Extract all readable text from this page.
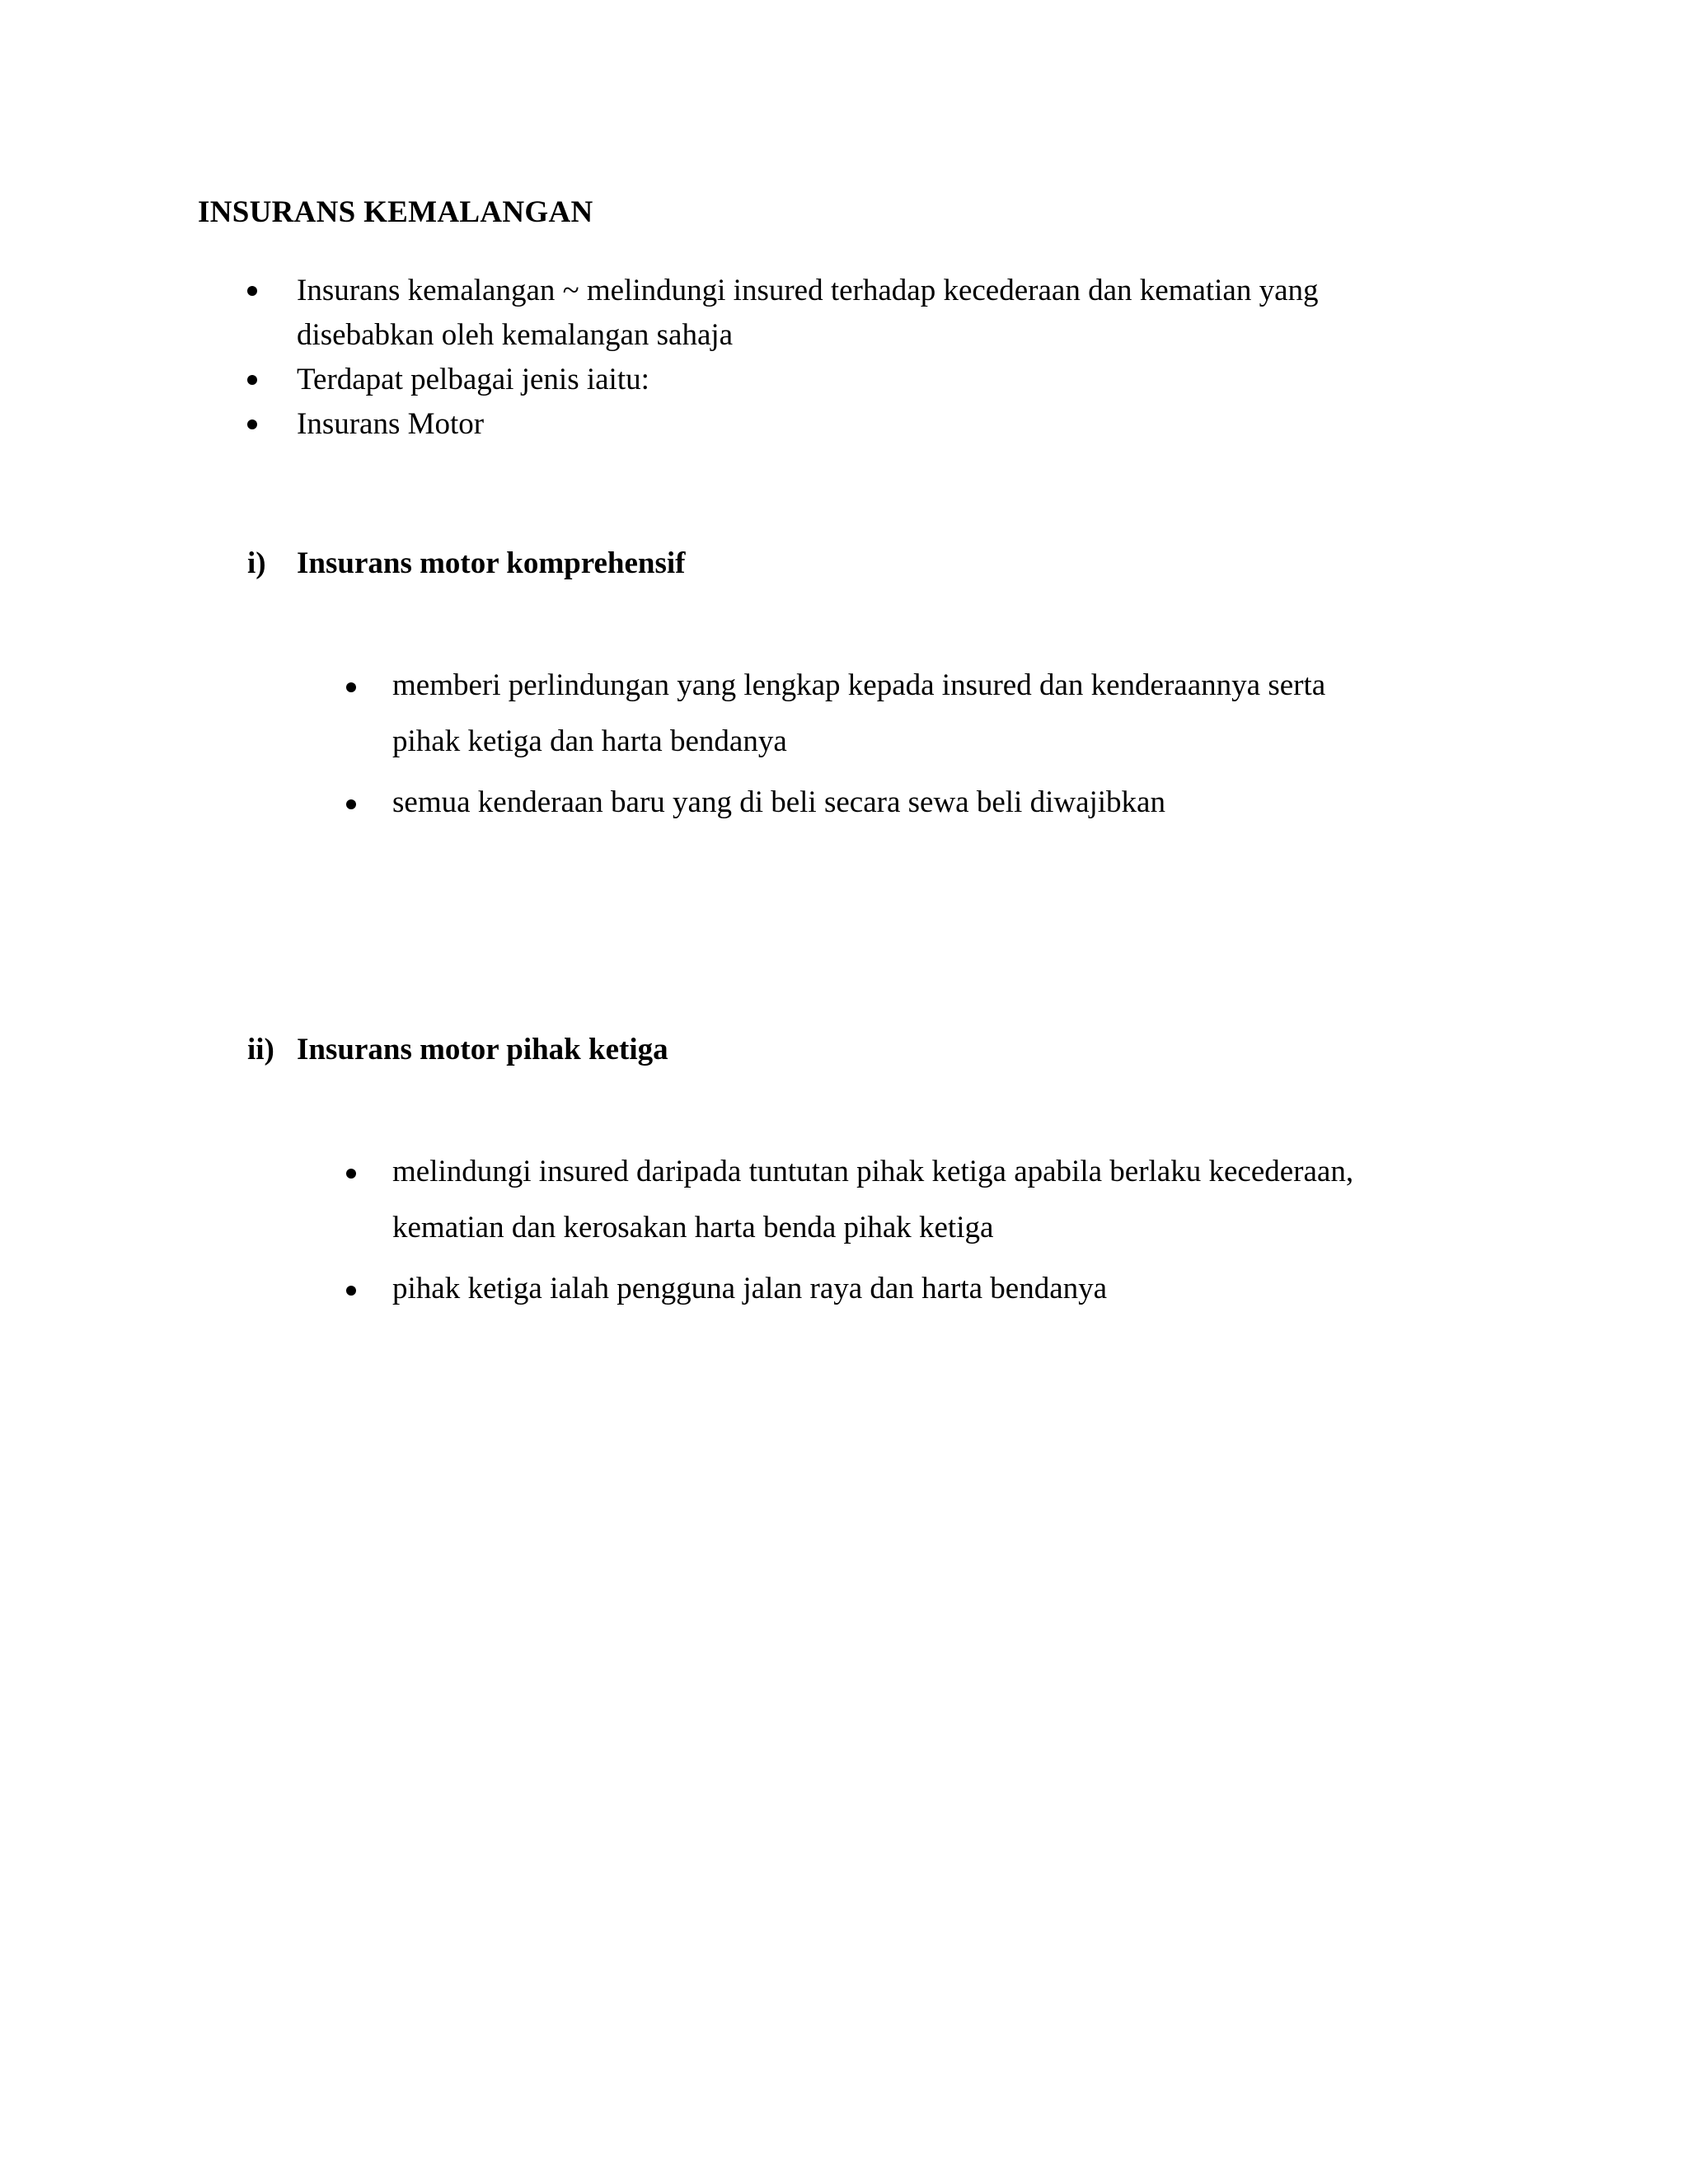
INSURANS KEMALANGAN
Insurans kemalangan ~ melindungi insured terhadap kecederaan dan kematian yang
disebabkan oleh kemalangan sahaja
Terdapat pelbagai jenis iaitu:
Insurans Motor
i) Insurans motor komprehensif
memberi perlindungan yang lengkap kepada insured dan kenderaannya serta
pihak ketiga dan harta bendanya
semua kenderaan baru yang di beli secara sewa beli diwajibkan
ii) Insurans motor pihak ketiga
melindungi insured daripada tuntutan pihak ketiga apabila berlaku kecederaan,
kematian dan kerosakan harta benda pihak ketiga
pihak ketiga ialah pengguna jalan raya dan harta bendanya
